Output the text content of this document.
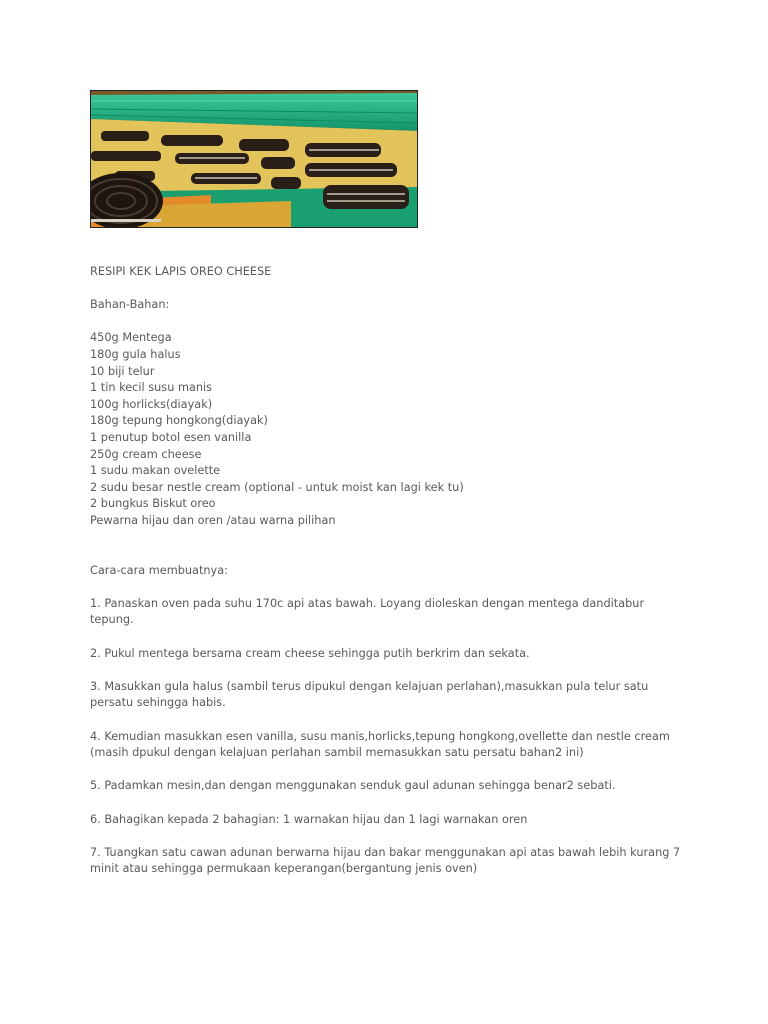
RESIPI KEK LAPIS OREO CHEESE

Bahan-Bahan:

450g Mentega

180g gula halus

10 biji telur

1 tin kecil susu manis

100g horlicks(diayak)

180g tepung hongkong(diayak)

1 penutup botol esen vanilla

250g cream cheese

1 sudu makan ovelette

2 sudu besar nestle cream (optional - untuk moist kan lagi kek tu)

2 bungkus Biskut oreo

Pewarna hijau dan oren /atau warna pilihan

Cara-cara membuatnya:

1. Panaskan oven pada suhu 170c api atas bawah. Loyang dioleskan dengan mentega danditabur

tepung.

2. Pukul mentega bersama cream cheese sehingga putih berkrim dan sekata.

3. Masukkan gula halus (sambil terus dipukul dengan kelajuan perlahan),masukkan pula telur satu

persatu sehingga habis.

4. Kemudian masukkan esen vanilla, susu manis,horlicks,tepung hongkong,ovellette dan nestle cream

(masih dpukul dengan kelajuan perlahan sambil memasukkan satu persatu bahan2 ini)

5. Padamkan mesin,dan dengan menggunakan senduk gaul adunan sehingga benar2 sebati.

6. Bahagikan kepada 2 bahagian: 1 warnakan hijau dan 1 lagi warnakan oren

7. Tuangkan satu cawan adunan berwarna hijau dan bakar menggunakan api atas bawah lebih kurang 7

minit atau sehingga permukaan keperangan(bergantung jenis oven)
